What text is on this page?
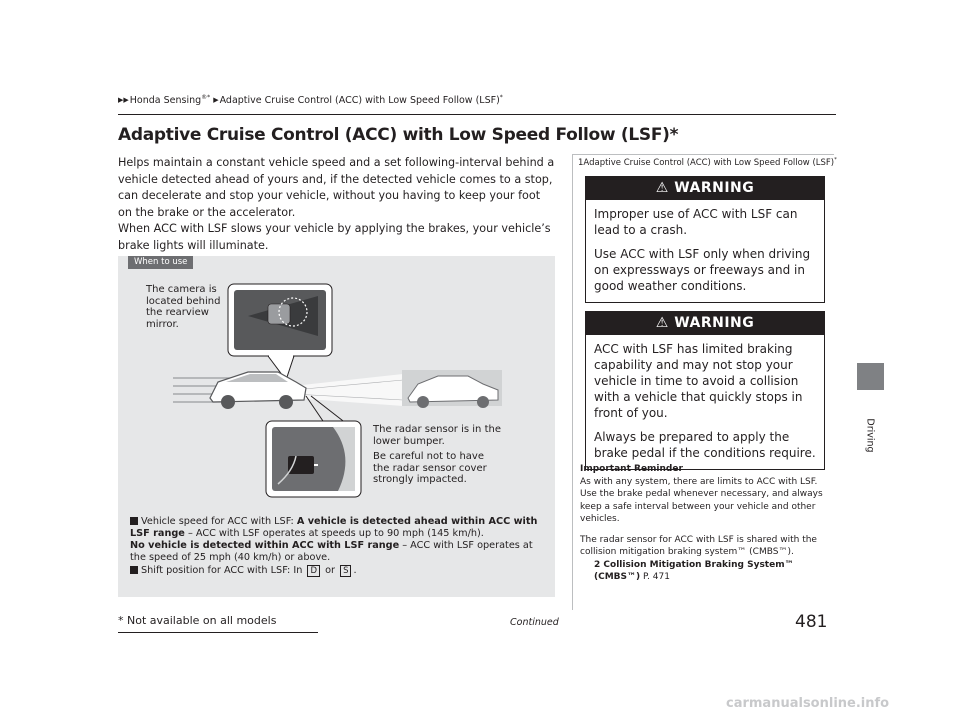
▶▶Honda Sensing®* ▶Adaptive Cruise Control (ACC) with Low Speed Follow (LSF)*
Adaptive Cruise Control (ACC) with Low Speed Follow (LSF)*

Helps maintain a constant vehicle speed and a set following-interval behind a vehicle detected ahead of yours and, if the detected vehicle comes to a stop, can decelerate and stop your vehicle, without you having to keep your foot on the brake or the accelerator.

When ACC with LSF slows your vehicle by applying the brakes, your vehicle’s brake lights will illuminate.

When to use
The camera is located behind the rearview mirror.

The radar sensor is in the lower bumper.

Be careful not to have the radar sensor cover strongly impacted.

Vehicle speed for ACC with LSF: A vehicle is detected ahead within ACC with LSF range – ACC with LSF operates at speeds up to 90 mph (145 km/h).
No vehicle is detected within ACC with LSF range – ACC with LSF operates at the speed of 25 mph (40 km/h) or above.

Shift position for ACC with LSF: In D or S .

1Adaptive Cruise Control (ACC) with Low Speed Follow (LSF)*
⚠ WARNING

Improper use of ACC with LSF can lead to a crash.

Use ACC with LSF only when driving on expressways or freeways and in good weather conditions.

⚠ WARNING

ACC with LSF has limited braking capability and may not stop your vehicle in time to avoid a collision with a vehicle that quickly stops in front of you.

Always be prepared to apply the brake pedal if the conditions require.

Important Reminder

As with any system, there are limits to ACC with LSF. Use the brake pedal whenever necessary, and always keep a safe interval between your vehicle and other vehicles.

The radar sensor for ACC with LSF is shared with the collision mitigation braking system™ (CMBS™).

2 Collision Mitigation Braking System™ (CMBS™) P. 471

Continued	481
* Not available on all models
Driving
carmanualsonline.info
